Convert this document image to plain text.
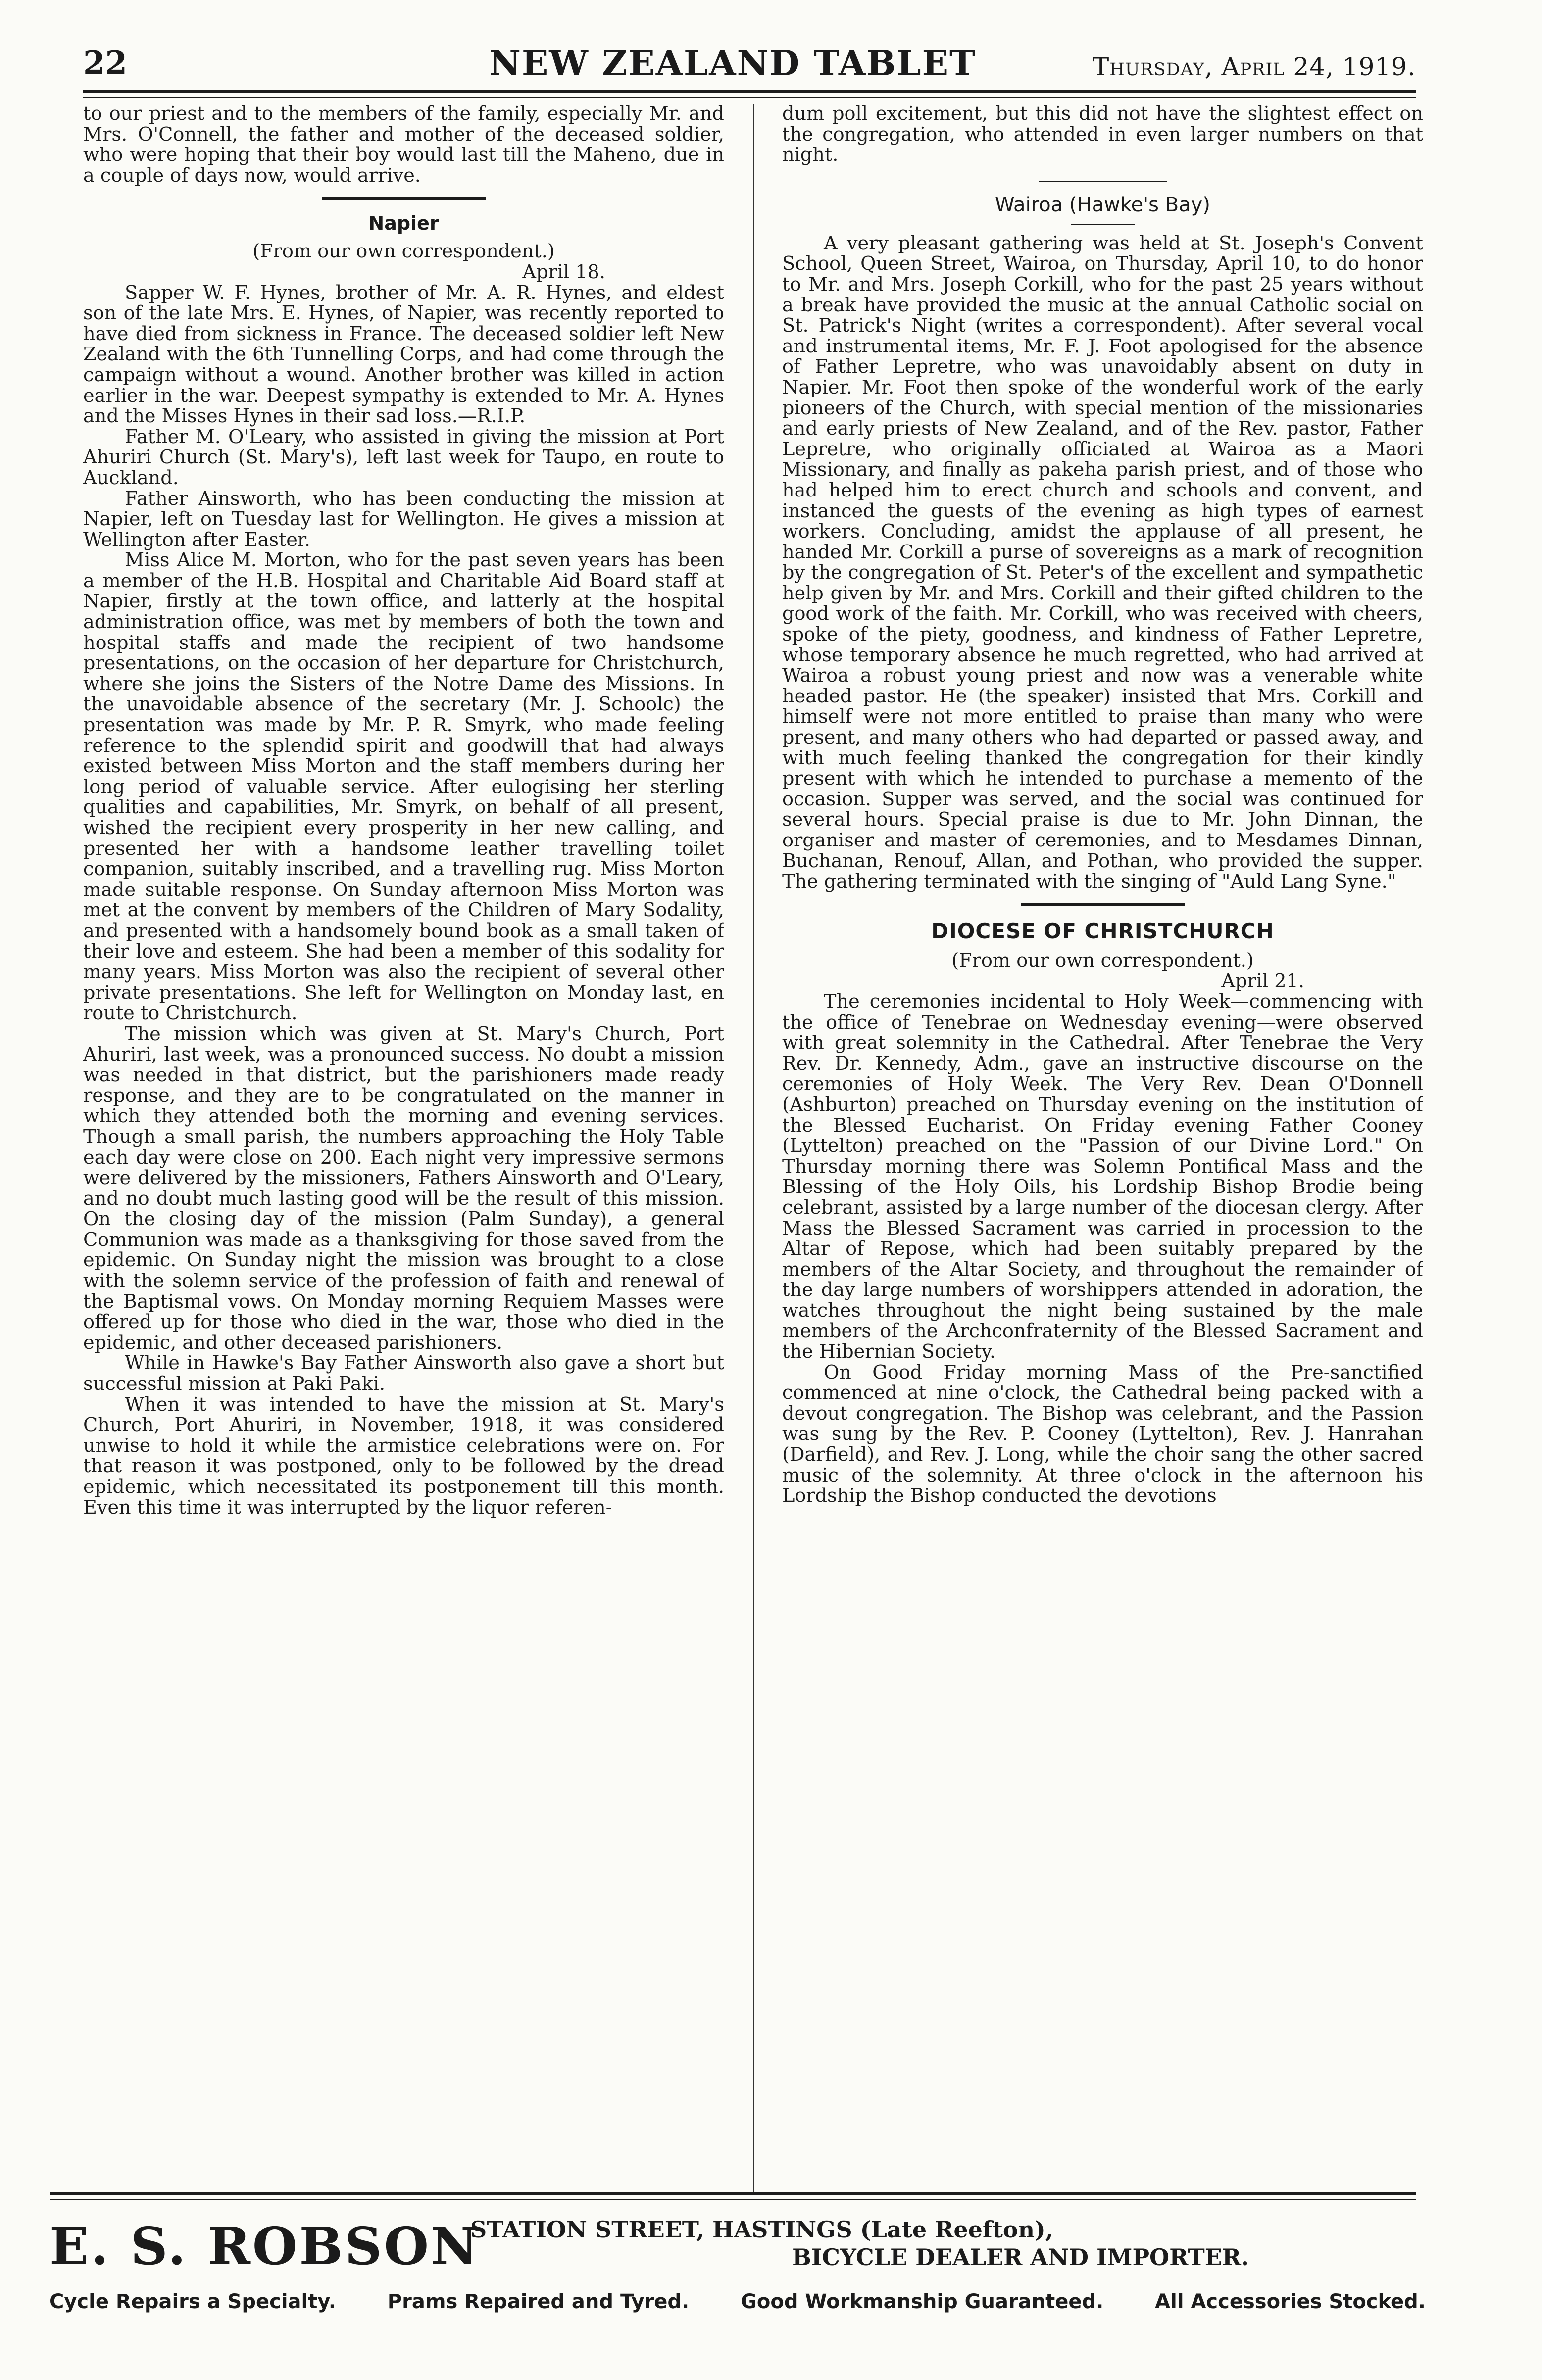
22	NEW ZEALAND TABLET	Thursday, April 24, 1919.

to our priest and to the members of the family, especially Mr. and Mrs. O'Connell, the father and mother of the deceased soldier, who were hoping that their boy would last till the Maheno, due in a couple of days now, would arrive.

Napier

(From our own correspondent.)

April 18.

Sapper W. F. Hynes, brother of Mr. A. R. Hynes, and eldest son of the late Mrs. E. Hynes, of Napier, was recently reported to have died from sickness in France. The deceased soldier left New Zealand with the 6th Tunnelling Corps, and had come through the campaign without a wound. Another brother was killed in action earlier in the war. Deepest sympathy is extended to Mr. A. Hynes and the Misses Hynes in their sad loss.—R.I.P.

Father M. O'Leary, who assisted in giving the mission at Port Ahuriri Church (St. Mary's), left last week for Taupo, en route to Auckland.

Father Ainsworth, who has been conducting the mission at Napier, left on Tuesday last for Wellington. He gives a mission at Wellington after Easter.

Miss Alice M. Morton, who for the past seven years has been a member of the H.B. Hospital and Charitable Aid Board staff at Napier, firstly at the town office, and latterly at the hospital administration office, was met by members of both the town and hospital staffs and made the recipient of two handsome presentations, on the occasion of her departure for Christchurch, where she joins the Sisters of the Notre Dame des Missions. In the unavoidable absence of the secretary (Mr. J. Schoolc) the presentation was made by Mr. P. R. Smyrk, who made feeling reference to the splendid spirit and goodwill that had always existed between Miss Morton and the staff members during her long period of valuable service. After eulogising her sterling qualities and capabilities, Mr. Smyrk, on behalf of all present, wished the recipient every prosperity in her new calling, and presented her with a handsome leather travelling toilet companion, suitably inscribed, and a travelling rug. Miss Morton made suitable response. On Sunday afternoon Miss Morton was met at the convent by members of the Children of Mary Sodality, and presented with a handsomely bound book as a small taken of their love and esteem. She had been a member of this sodality for many years. Miss Morton was also the recipient of several other private presentations. She left for Wellington on Monday last, en route to Christchurch.

The mission which was given at St. Mary's Church, Port Ahuriri, last week, was a pronounced success. No doubt a mission was needed in that district, but the parishioners made ready response, and they are to be congratulated on the manner in which they attended both the morning and evening services. Though a small parish, the numbers approaching the Holy Table each day were close on 200. Each night very impressive sermons were delivered by the missioners, Fathers Ainsworth and O'Leary, and no doubt much lasting good will be the result of this mission. On the closing day of the mission (Palm Sunday), a general Communion was made as a thanksgiving for those saved from the epidemic. On Sunday night the mission was brought to a close with the solemn service of the profession of faith and renewal of the Baptismal vows. On Monday morning Requiem Masses were offered up for those who died in the war, those who died in the epidemic, and other deceased parishioners.

While in Hawke's Bay Father Ainsworth also gave a short but successful mission at Paki Paki.

When it was intended to have the mission at St. Mary's Church, Port Ahuriri, in November, 1918, it was considered unwise to hold it while the armistice celebrations were on. For that reason it was postponed, only to be followed by the dread epidemic, which necessitated its postponement till this month. Even this time it was interrupted by the liquor referen-

dum poll excitement, but this did not have the slightest effect on the congregation, who attended in even larger numbers on that night.

Wairoa (Hawke's Bay)

A very pleasant gathering was held at St. Joseph's Convent School, Queen Street, Wairoa, on Thursday, April 10, to do honor to Mr. and Mrs. Joseph Corkill, who for the past 25 years without a break have provided the music at the annual Catholic social on St. Patrick's Night (writes a correspondent). After several vocal and instrumental items, Mr. F. J. Foot apologised for the absence of Father Lepretre, who was unavoidably absent on duty in Napier. Mr. Foot then spoke of the wonderful work of the early pioneers of the Church, with special mention of the missionaries and early priests of New Zealand, and of the Rev. pastor, Father Lepretre, who originally officiated at Wairoa as a Maori Missionary, and finally as pakeha parish priest, and of those who had helped him to erect church and schools and convent, and instanced the guests of the evening as high types of earnest workers. Concluding, amidst the applause of all present, he handed Mr. Corkill a purse of sovereigns as a mark of recognition by the congregation of St. Peter's of the excellent and sympathetic help given by Mr. and Mrs. Corkill and their gifted children to the good work of the faith. Mr. Corkill, who was received with cheers, spoke of the piety, goodness, and kindness of Father Lepretre, whose temporary absence he much regretted, who had arrived at Wairoa a robust young priest and now was a venerable white headed pastor. He (the speaker) insisted that Mrs. Corkill and himself were not more entitled to praise than many who were present, and many others who had departed or passed away, and with much feeling thanked the congregation for their kindly present with which he intended to purchase a memento of the occasion. Supper was served, and the social was continued for several hours. Special praise is due to Mr. John Dinnan, the organiser and master of ceremonies, and to Mesdames Dinnan, Buchanan, Renouf, Allan, and Pothan, who provided the supper. The gathering terminated with the singing of "Auld Lang Syne."

DIOCESE OF CHRISTCHURCH

(From our own correspondent.)

April 21.

The ceremonies incidental to Holy Week—commencing with the office of Tenebrae on Wednesday evening—were observed with great solemnity in the Cathedral. After Tenebrae the Very Rev. Dr. Kennedy, Adm., gave an instructive discourse on the ceremonies of Holy Week. The Very Rev. Dean O'Donnell (Ashburton) preached on Thursday evening on the institution of the Blessed Eucharist. On Friday evening Father Cooney (Lyttelton) preached on the "Passion of our Divine Lord." On Thursday morning there was Solemn Pontifical Mass and the Blessing of the Holy Oils, his Lordship Bishop Brodie being celebrant, assisted by a large number of the diocesan clergy. After Mass the Blessed Sacrament was carried in procession to the Altar of Repose, which had been suitably prepared by the members of the Altar Society, and throughout the remainder of the day large numbers of worshippers attended in adoration, the watches throughout the night being sustained by the male members of the Archconfraternity of the Blessed Sacrament and the Hibernian Society.

On Good Friday morning Mass of the Pre-sanctified commenced at nine o'clock, the Cathedral being packed with a devout congregation. The Bishop was celebrant, and the Passion was sung by the Rev. P. Cooney (Lyttelton), Rev. J. Hanrahan (Darfield), and Rev. J. Long, while the choir sang the other sacred music of the solemnity. At three o'clock in the afternoon his Lordship the Bishop conducted the devotions

E. S. ROBSON
STATION STREET, HASTINGS (Late Reefton),
BICYCLE DEALER AND IMPORTER.
Cycle Repairs a Specialty.	Prams Repaired and Tyred.	Good Workmanship Guaranteed.	All Accessories Stocked.
